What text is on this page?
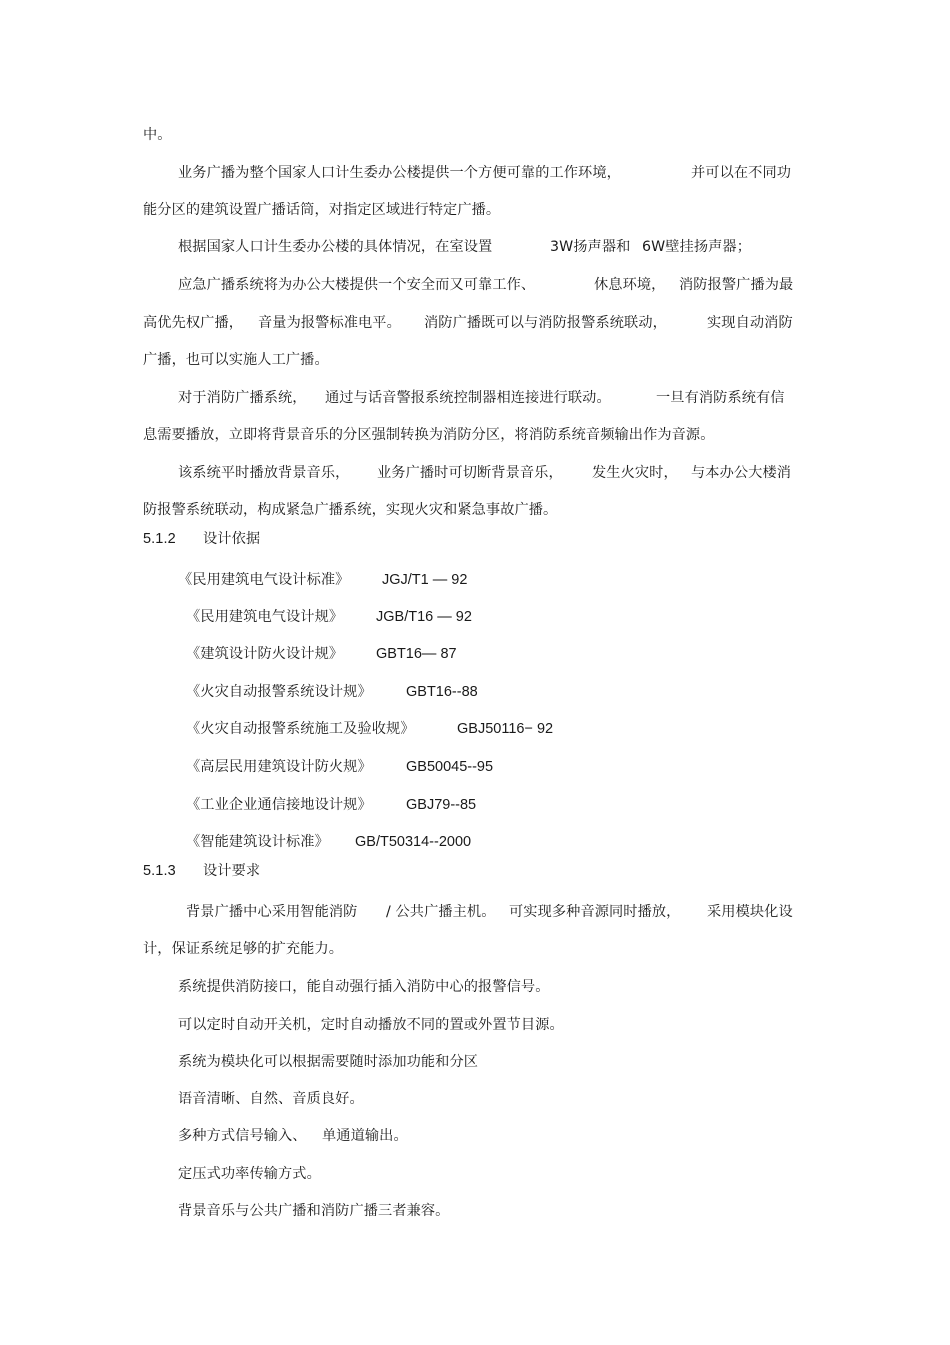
中。

业务广播为整个国家人口计生委办公楼提供一个方便可靠的工作环境，	并可以在不同功

能分区的建筑设置广播话筒，对指定区域进行特定广播。

根据国家人口计生委办公楼的具体情况，在室设置	3W扬声器和 6W壁挂扬声器；

应急广播系统将为办公大楼提供一个安全而又可靠工作、	休息环境， 消防报警广播为最

高优先权广播， 音量为报警标准电平。 消防广播既可以与消防报警系统联动，	实现自动消防

广播，也可以实施人工广播。

对于消防广播系统， 通过与话音警报系统控制器相连接进行联动。	一旦有消防系统有信

息需要播放，立即将背景音乐的分区强制转换为消防分区，将消防系统音频输出作为音源。

该系统平时播放背景音乐， 业务广播时可切断背景音乐， 发生火灾时， 与本办公大楼消

防报警系统联动，构成紧急广播系统，实现火灾和紧急事故广播。

5.1.2 设计依据

《民用建筑电气设计标准》 JGJ/T1 — 92

《民用建筑电气设计规》 JGB/T16 — 92

《建筑设计防火设计规》 GBT16— 87

《火灾自动报警系统设计规》 GBT16--88

《火灾自动报警系统施工及验收规》	GBJ50116− 92

《高层民用建筑设计防火规》 GB50045--95

《工业企业通信接地设计规》 GBJ79--85

《智能建筑设计标准》 GB/T50314--2000

5.1.3 设计要求

背景广播中心采用智能消防 / 公共广播主机。 可实现多种音源同时播放， 采用模块化设

计，保证系统足够的扩充能力。

系统提供消防接口，能自动强行插入消防中心的报警信号。

可以定时自动开关机，定时自动播放不同的置或外置节目源。

系统为模块化可以根据需要随时添加功能和分区

语音清晰、自然、音质良好。

多种方式信号输入、 单通道输出。

定压式功率传输方式。

背景音乐与公共广播和消防广播三者兼容。
